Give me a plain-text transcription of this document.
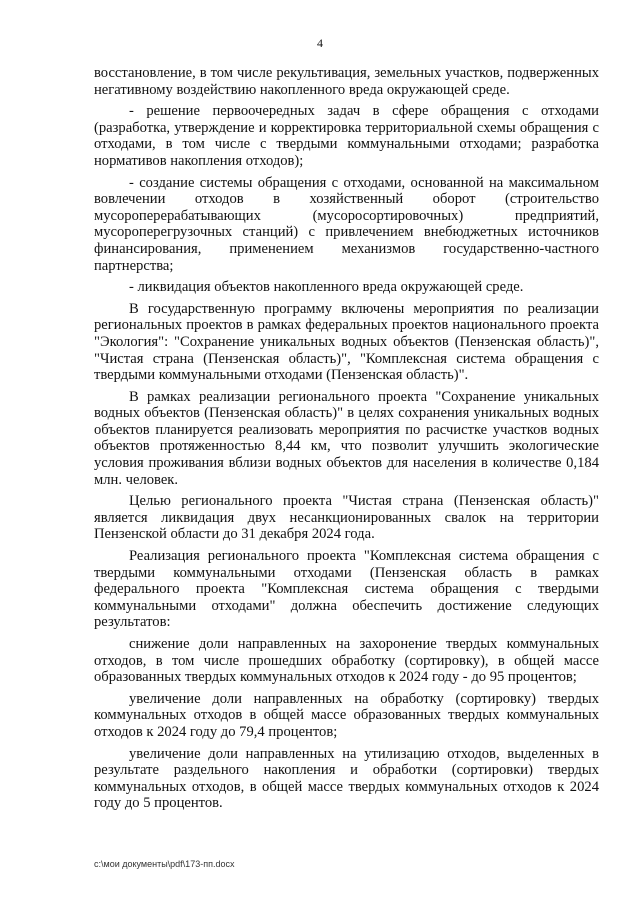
4

восстановление, в том числе рекультивация, земельных участков, подверженных негативному воздействию накопленного вреда окружающей среде.

- решение первоочередных задач в сфере обращения с отходами (разработка, утверждение и корректировка территориальной схемы обращения с отходами, в том числе с твердыми коммунальными отходами; разработка нормативов накопления отходов);

- создание системы обращения с отходами, основанной на максимальном вовлечении отходов в хозяйственный оборот (строительство мусороперерабатывающих (мусоросортировочных) предприятий, мусороперегрузочных станций) с привлечением внебюджетных источников финансирования, применением механизмов государственно-частного партнерства;

- ликвидация объектов накопленного вреда окружающей среде.

В государственную программу включены мероприятия по реализации региональных проектов в рамках федеральных проектов национального проекта "Экология": "Сохранение уникальных водных объектов (Пензенская область)", "Чистая страна (Пензенская область)", "Комплексная система обращения с твердыми коммунальными отходами (Пензенская область)".

В рамках реализации регионального проекта "Сохранение уникальных водных объектов (Пензенская область)" в целях сохранения уникальных водных объектов планируется реализовать мероприятия по расчистке участков водных объектов протяженностью 8,44 км, что позволит улучшить экологические условия проживания вблизи водных объектов для населения в количестве 0,184 млн. человек.

Целью регионального проекта "Чистая страна (Пензенская область)" является ликвидация двух несанкционированных свалок на территории Пензенской области до 31 декабря 2024 года.

Реализация регионального проекта "Комплексная система обращения с твердыми коммунальными отходами (Пензенская область в рамках федерального проекта "Комплексная система обращения с твердыми коммунальными отходами" должна обеспечить достижение следующих результатов:

снижение доли направленных на захоронение твердых коммунальных отходов, в том числе прошедших обработку (сортировку), в общей массе образованных твердых коммунальных отходов к 2024 году - до 95 процентов;

увеличение доли направленных на обработку (сортировку) твердых коммунальных отходов в общей массе образованных твердых коммунальных отходов к 2024 году до 79,4 процентов;

увеличение доли направленных на утилизацию отходов, выделенных в результате раздельного накопления и обработки (сортировки) твердых коммунальных отходов, в общей массе твердых коммунальных отходов к 2024 году до 5 процентов.

c:\мои документы\pdf\173-пп.docx
